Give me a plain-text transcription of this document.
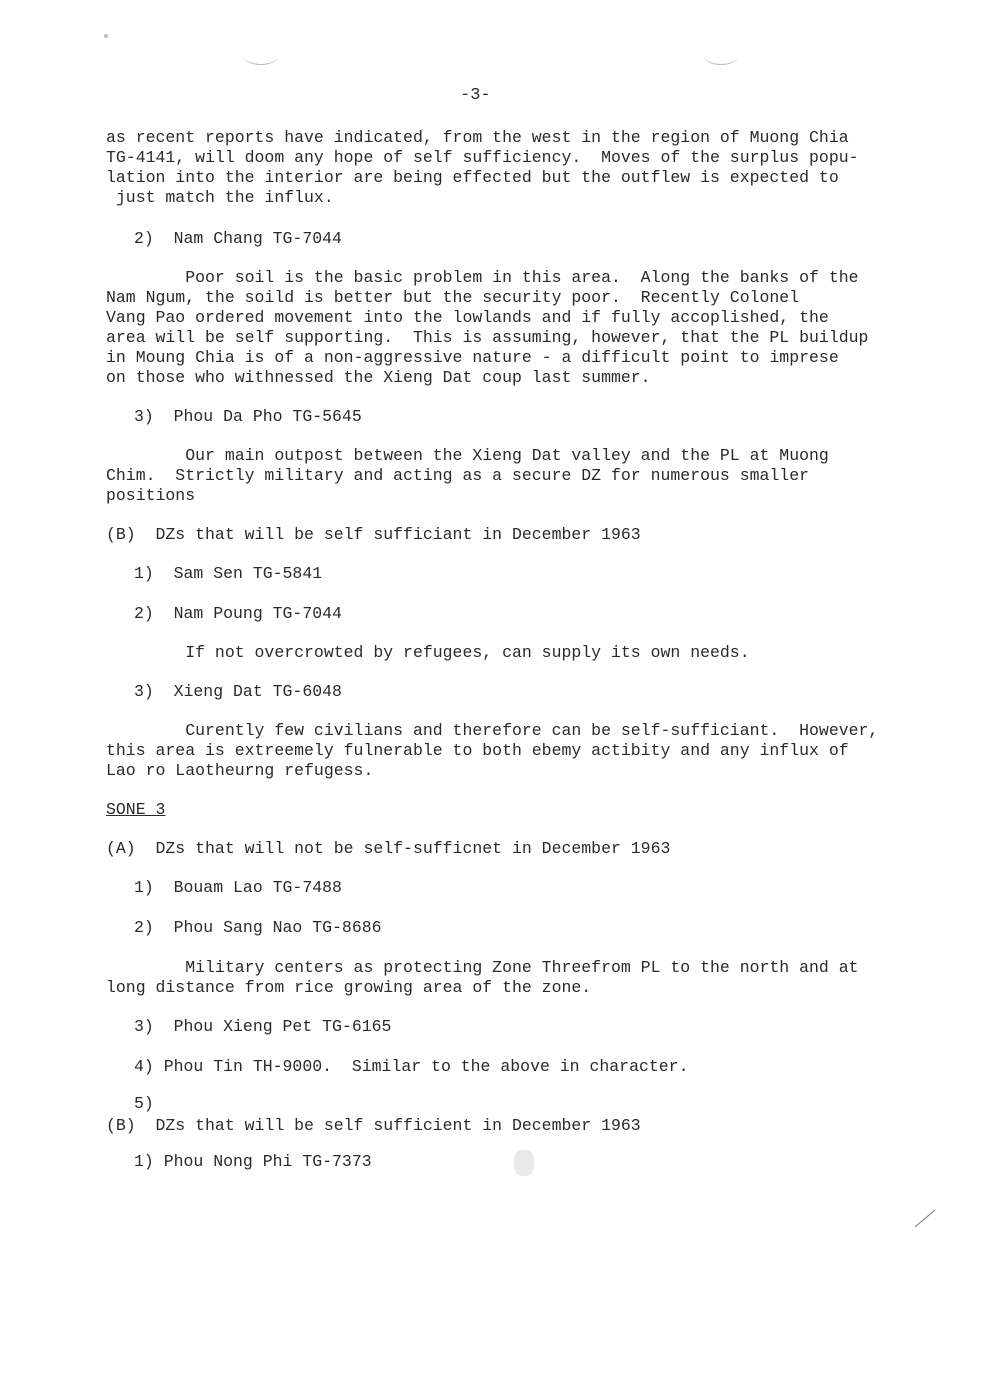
-3-
as recent reports have indicated, from the west in the region of Muong Chia
TG-4141, will doom any hope of self sufficiency.  Moves of the surplus popu-
lation into the interior are being effected but the outflew is expected to
just match the influx.
2)  Nam Chang TG-7044
Poor soil is the basic problem in this area.  Along the banks of the
Nam Ngum, the soild is better but the security poor.  Recently Colonel
Vang Pao ordered movement into the lowlands and if fully accoplished, the
area will be self supporting.  This is assuming, however, that the PL buildup
in Moung Chia is of a non-aggressive nature - a difficult point to imprese
on those who withnessed the Xieng Dat coup last summer.
3)  Phou Da Pho TG-5645
Our main outpost between the Xieng Dat valley and the PL at Muong
Chim.  Strictly military and acting as a secure DZ for numerous smaller
positions
(B)  DZs that will be self sufficiant in December 1963
1)  Sam Sen TG-5841
2)  Nam Poung TG-7044
If not overcrowted by refugees, can supply its own needs.
3)  Xieng Dat TG-6048
Curently few civilians and therefore can be self-sufficiant.  However,
this area is extreemely fulnerable to both ebemy actibity and any influx of
Lao ro Laotheurng refugess.
SONE 3
(A)  DZs that will not be self-sufficnet in December 1963
1)  Bouam Lao TG-7488
2)  Phou Sang Nao TG-8686
Military centers as protecting Zone Threefrom PL to the north and at
long distance from rice growing area of the zone.
3)  Phou Xieng Pet TG-6165
4) Phou Tin TH-9000.  Similar to the above in character.
5)
(B)  DZs that will be self sufficient in December 1963
1) Phou Nong Phi TG-7373
